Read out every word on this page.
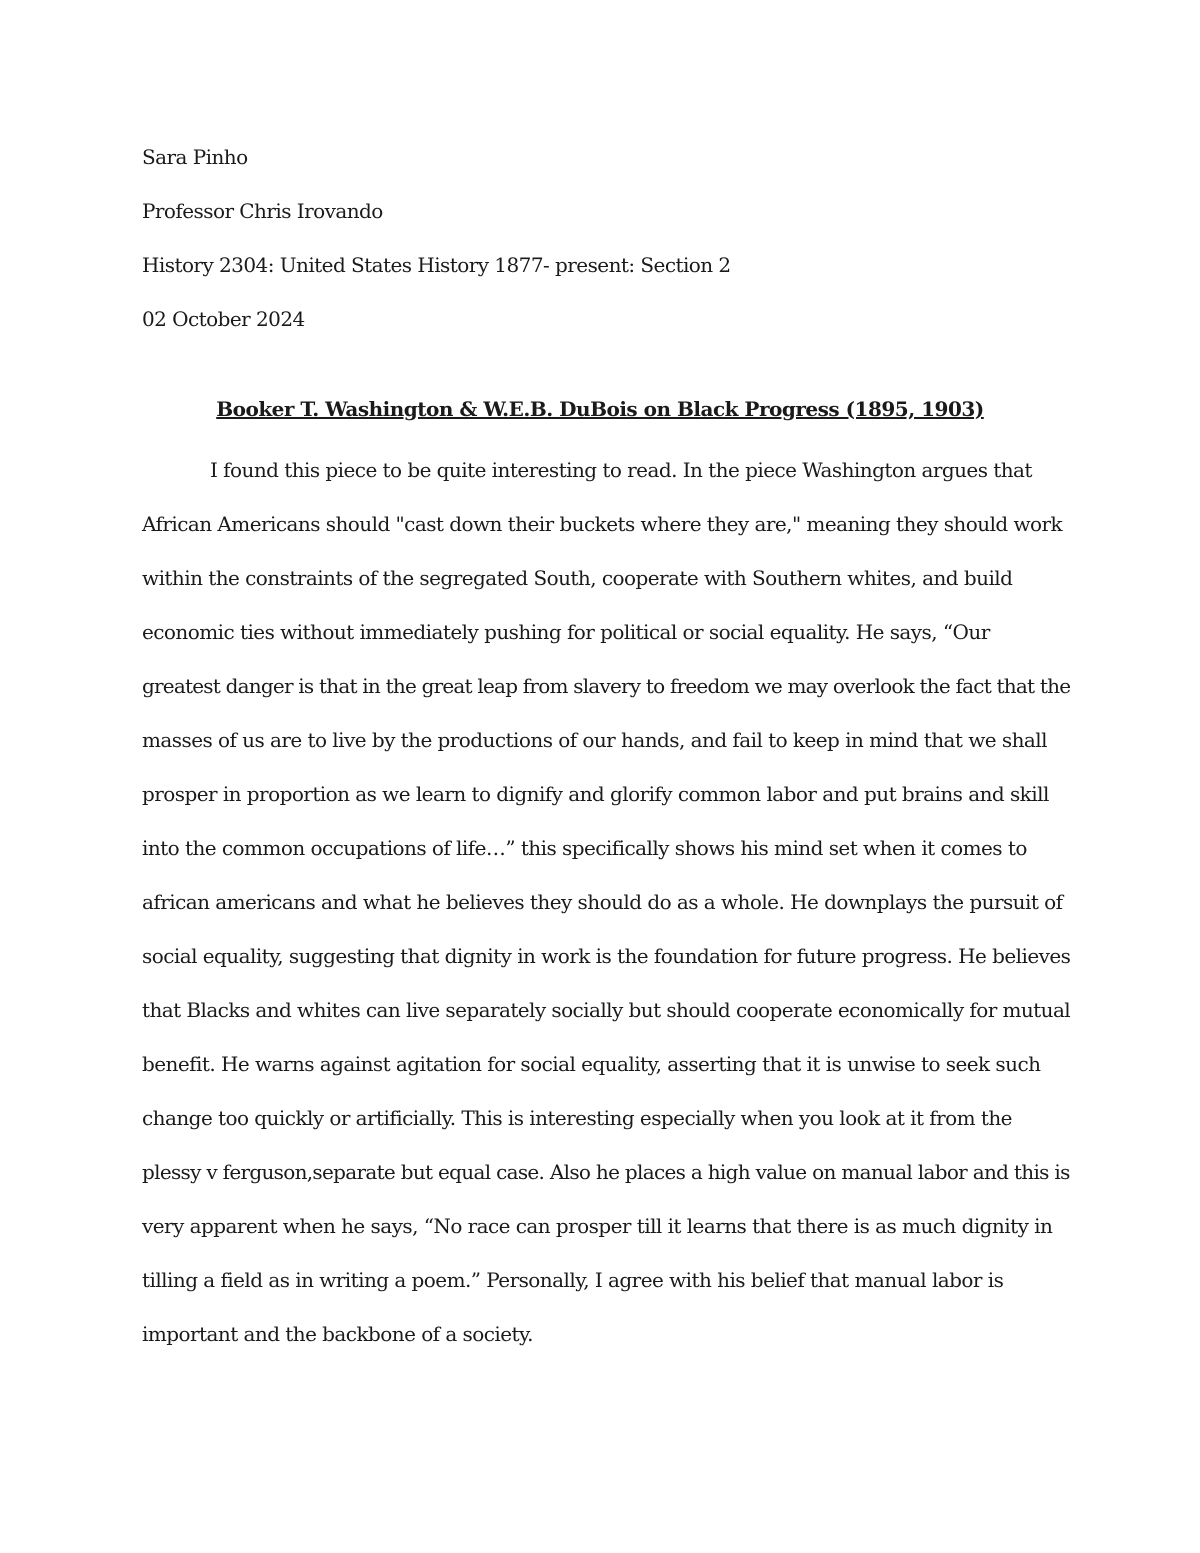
Sara Pinho
Professor Chris Irovando
History 2304: United States History 1877- present: Section 2
02 October 2024
Booker T. Washington & W.E.B. DuBois on Black Progress (1895, 1903)
I found this piece to be quite interesting to read. In the piece Washington argues that
African Americans should "cast down their buckets where they are," meaning they should work
within the constraints of the segregated South, cooperate with Southern whites, and build
economic ties without immediately pushing for political or social equality. He says, “Our
greatest danger is that in the great leap from slavery to freedom we may overlook the fact that the
masses of us are to live by the productions of our hands, and fail to keep in mind that we shall
prosper in proportion as we learn to dignify and glorify common labor and put brains and skill
into the common occupations of life…” this specifically shows his mind set when it comes to
african americans and what he believes they should do as a whole. He downplays the pursuit of
social equality, suggesting that dignity in work is the foundation for future progress. He believes
that Blacks and whites can live separately socially but should cooperate economically for mutual
benefit. He warns against agitation for social equality, asserting that it is unwise to seek such
change too quickly or artificially. This is interesting especially when you look at it from the
plessy v ferguson,separate but equal case. Also he places a high value on manual labor and this is
very apparent when he says, “No race can prosper till it learns that there is as much dignity in
tilling a field as in writing a poem.” Personally, I agree with his belief that manual labor is
important and the backbone of a society.
